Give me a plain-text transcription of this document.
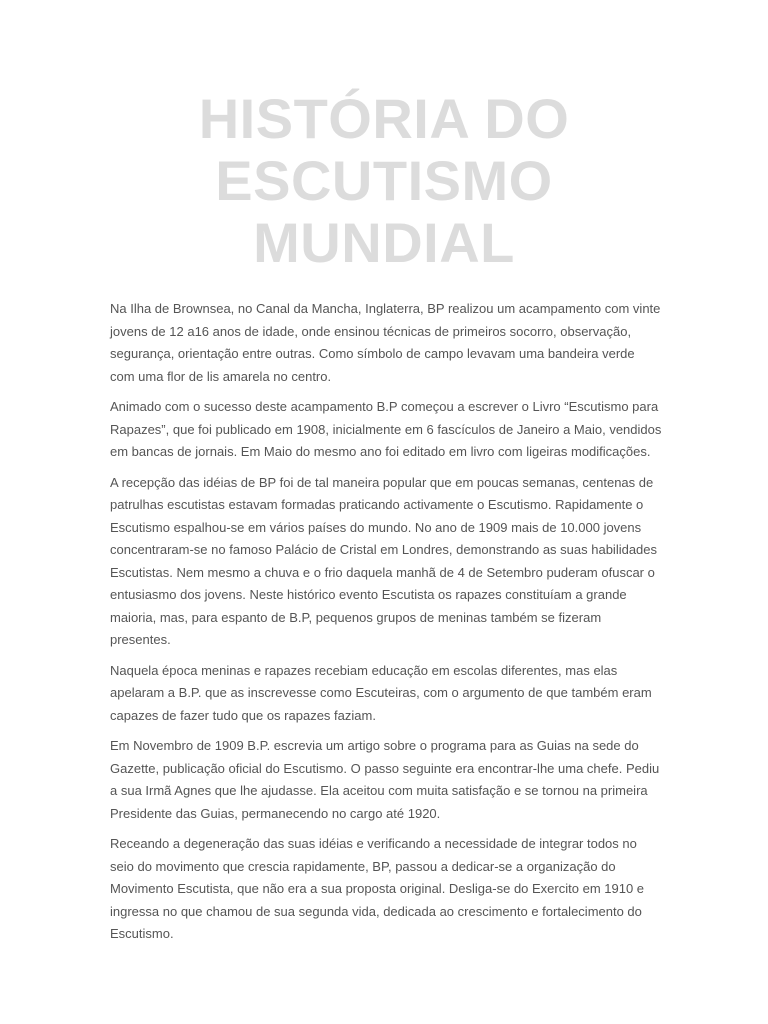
HISTÓRIA DO
ESCUTISMO
MUNDIAL

Na Ilha de Brownsea, no Canal da Mancha, Inglaterra, BP realizou um acampamento com vinte jovens de 12 a16 anos de idade, onde ensinou técnicas de primeiros socorro, observação, segurança, orientação entre outras. Como símbolo de campo levavam uma bandeira verde com uma flor de lis amarela no centro.

Animado com o sucesso deste acampamento B.P começou a escrever o Livro “Escutismo para Rapazes”, que foi publicado em 1908, inicialmente em 6 fascículos de Janeiro a Maio, vendidos em bancas de jornais. Em Maio do mesmo ano foi editado em livro com ligeiras modificações.

A recepção das idéias de BP foi de tal maneira popular que em poucas semanas, centenas de patrulhas escutistas estavam formadas praticando activamente o Escutismo. Rapidamente o Escutismo espalhou-se em vários países do mundo. No ano de 1909 mais de 10.000 jovens concentraram-se no famoso Palácio de Cristal em Londres, demonstrando as suas habilidades Escutistas. Nem mesmo a chuva e o frio daquela manhã de 4 de Setembro puderam ofuscar o entusiasmo dos jovens. Neste histórico evento Escutista os rapazes constituíam a grande maioria, mas, para espanto de B.P, pequenos grupos de meninas também se fizeram presentes.

Naquela época meninas e rapazes recebiam educação em escolas diferentes, mas elas apelaram a B.P. que as inscrevesse como Escuteiras, com o argumento de que também eram capazes de fazer tudo que os rapazes faziam.

Em Novembro de 1909 B.P. escrevia um artigo sobre o programa para as Guias na sede do Gazette, publicação oficial do Escutismo. O passo seguinte era encontrar-lhe uma chefe. Pediu a sua Irmã Agnes que lhe ajudasse. Ela aceitou com muita satisfação e se tornou na primeira Presidente das Guias, permanecendo no cargo até 1920.

Receando a degeneração das suas idéias e verificando a necessidade de integrar todos no seio do movimento que crescia rapidamente, BP, passou a dedicar-se a organização do Movimento Escutista, que não era a sua proposta original. Desliga-se do Exercito em 1910 e ingressa no que chamou de sua segunda vida, dedicada ao crescimento e fortalecimento do Escutismo.
